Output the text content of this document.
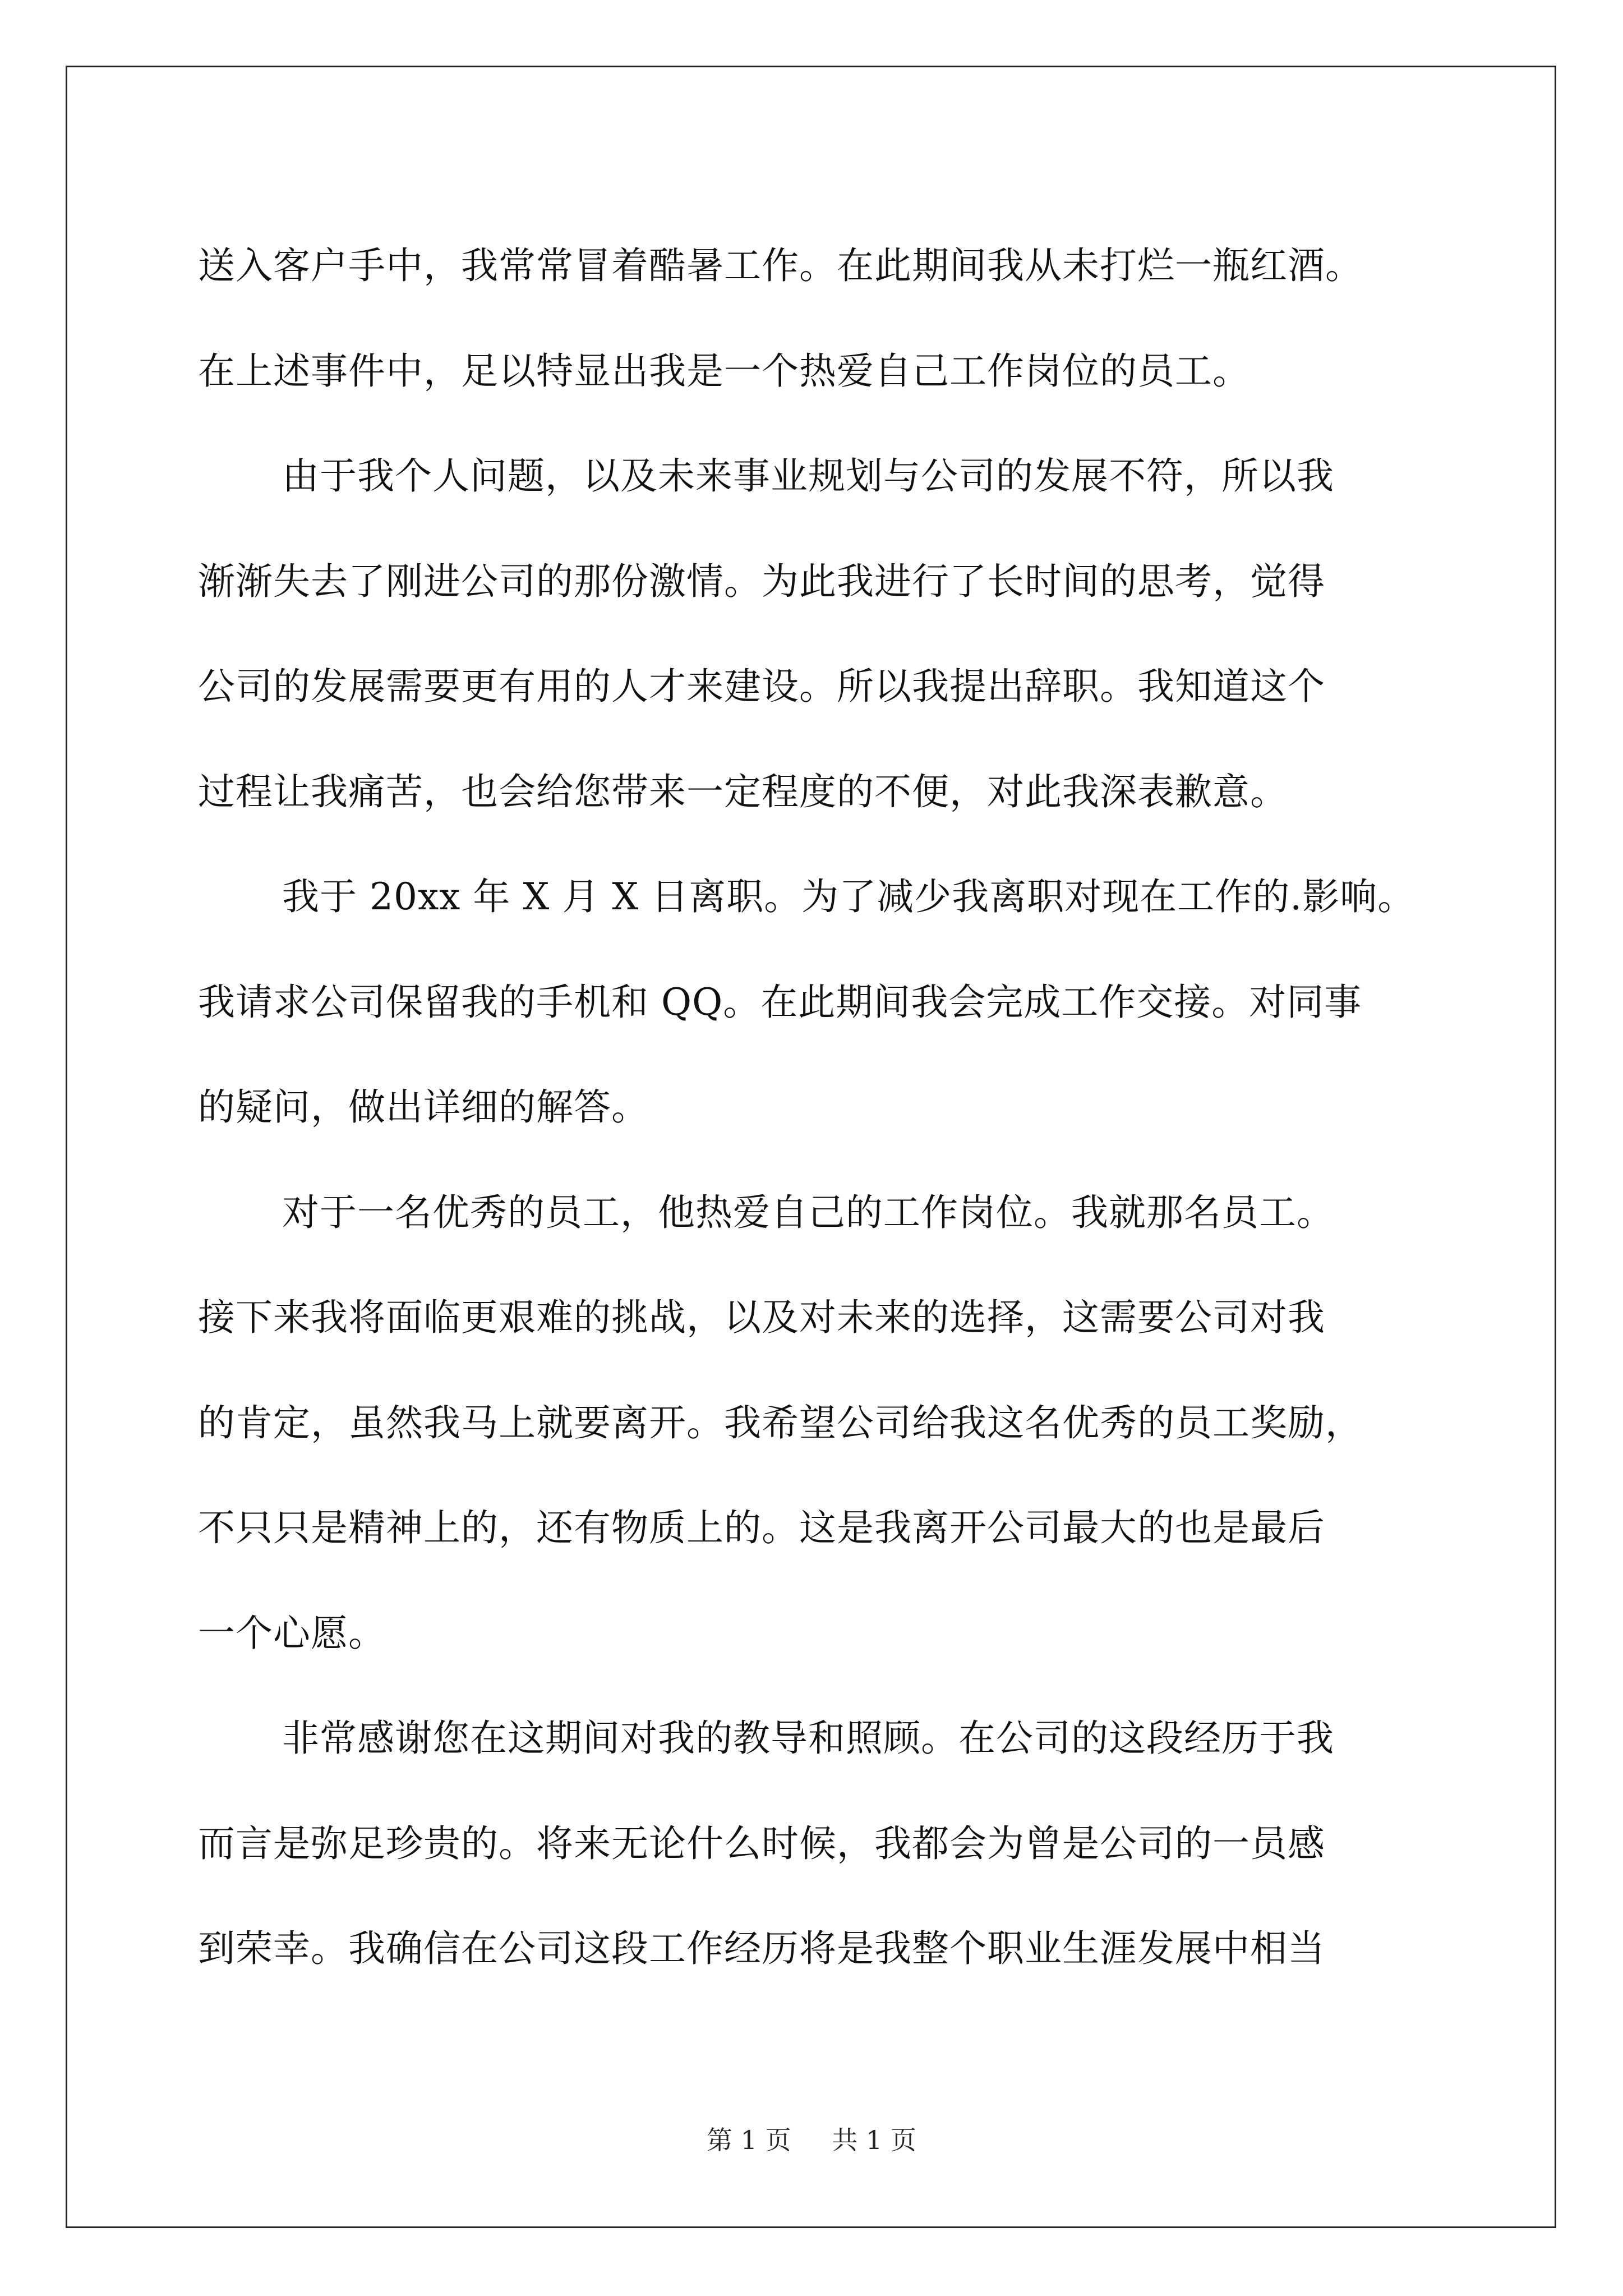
送入客户手中，我常常冒着酷暑工作。在此期间我从未打烂一瓶红酒。
在上述事件中，足以特显出我是一个热爱自己工作岗位的员工。
由于我个人问题，以及未来事业规划与公司的发展不符，所以我
渐渐失去了刚进公司的那份激情。为此我进行了长时间的思考，觉得
公司的发展需要更有用的人才来建设。所以我提出辞职。我知道这个
过程让我痛苦，也会给您带来一定程度的不便，对此我深表歉意。
我于 20xx 年 X 月 X 日离职。为了减少我离职对现在工作的.影响。
我请求公司保留我的手机和 QQ。在此期间我会完成工作交接。对同事
的疑问，做出详细的解答。
对于一名优秀的员工，他热爱自己的工作岗位。我就那名员工。
接下来我将面临更艰难的挑战，以及对未来的选择，这需要公司对我
的肯定，虽然我马上就要离开。我希望公司给我这名优秀的员工奖励，
不只只是精神上的，还有物质上的。这是我离开公司最大的也是最后
一个心愿。
非常感谢您在这期间对我的教导和照顾。在公司的这段经历于我
而言是弥足珍贵的。将来无论什么时候，我都会为曾是公司的一员感
到荣幸。我确信在公司这段工作经历将是我整个职业生涯发展中相当
第 1 页 共 1 页
